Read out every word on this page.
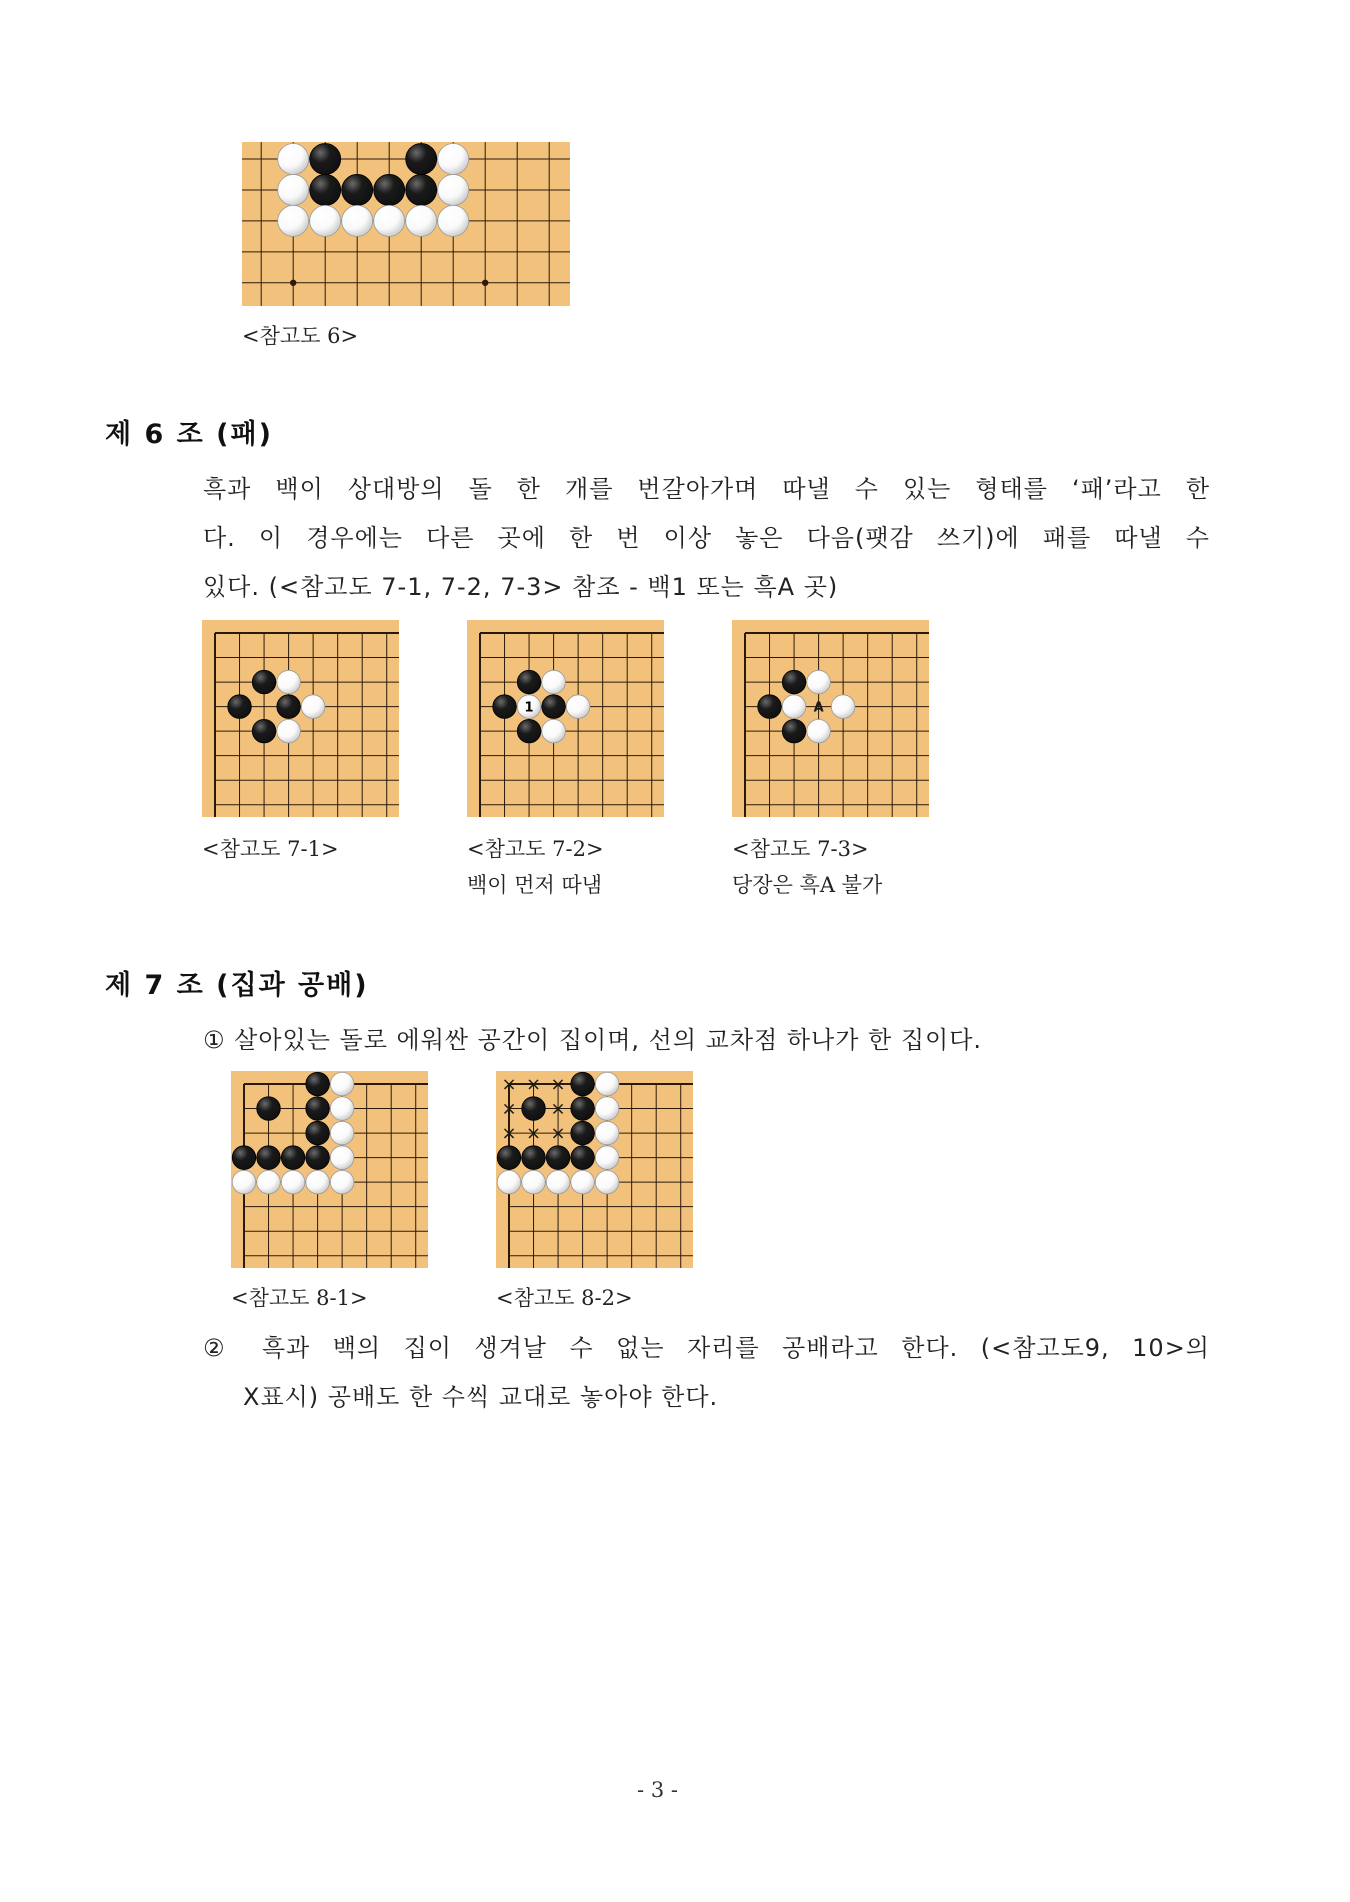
<참고도 6>
제 6 조 (패)
흑과 백이 상대방의 돌 한 개를 번갈아가며 따낼 수 있는 형태를 ‘패’라고 한
다. 이 경우에는 다른 곳에 한 번 이상 놓은 다음(팻감 쓰기)에 패를 따낼 수
있다. (<참고도 7-1, 7-2, 7-3> 참조 - 백1 또는 흑A 곳)
<참고도 7-1>
1
<참고도 7-2>
백이 먼저 따냄
A
<참고도 7-3>
당장은 흑A 불가
제 7 조 (집과 공배)
① 살아있는 돌로 에워싼 공간이 집이며, 선의 교차점 하나가 한 집이다.
<참고도 8-1>
× × ×
× ×
× × ×
<참고도 8-2>
② 흑과 백의 집이 생겨날 수 없는 자리를 공배라고 한다. (<참고도9, 10>의
X표시) 공배도 한 수씩 교대로 놓아야 한다.
- 3 -
